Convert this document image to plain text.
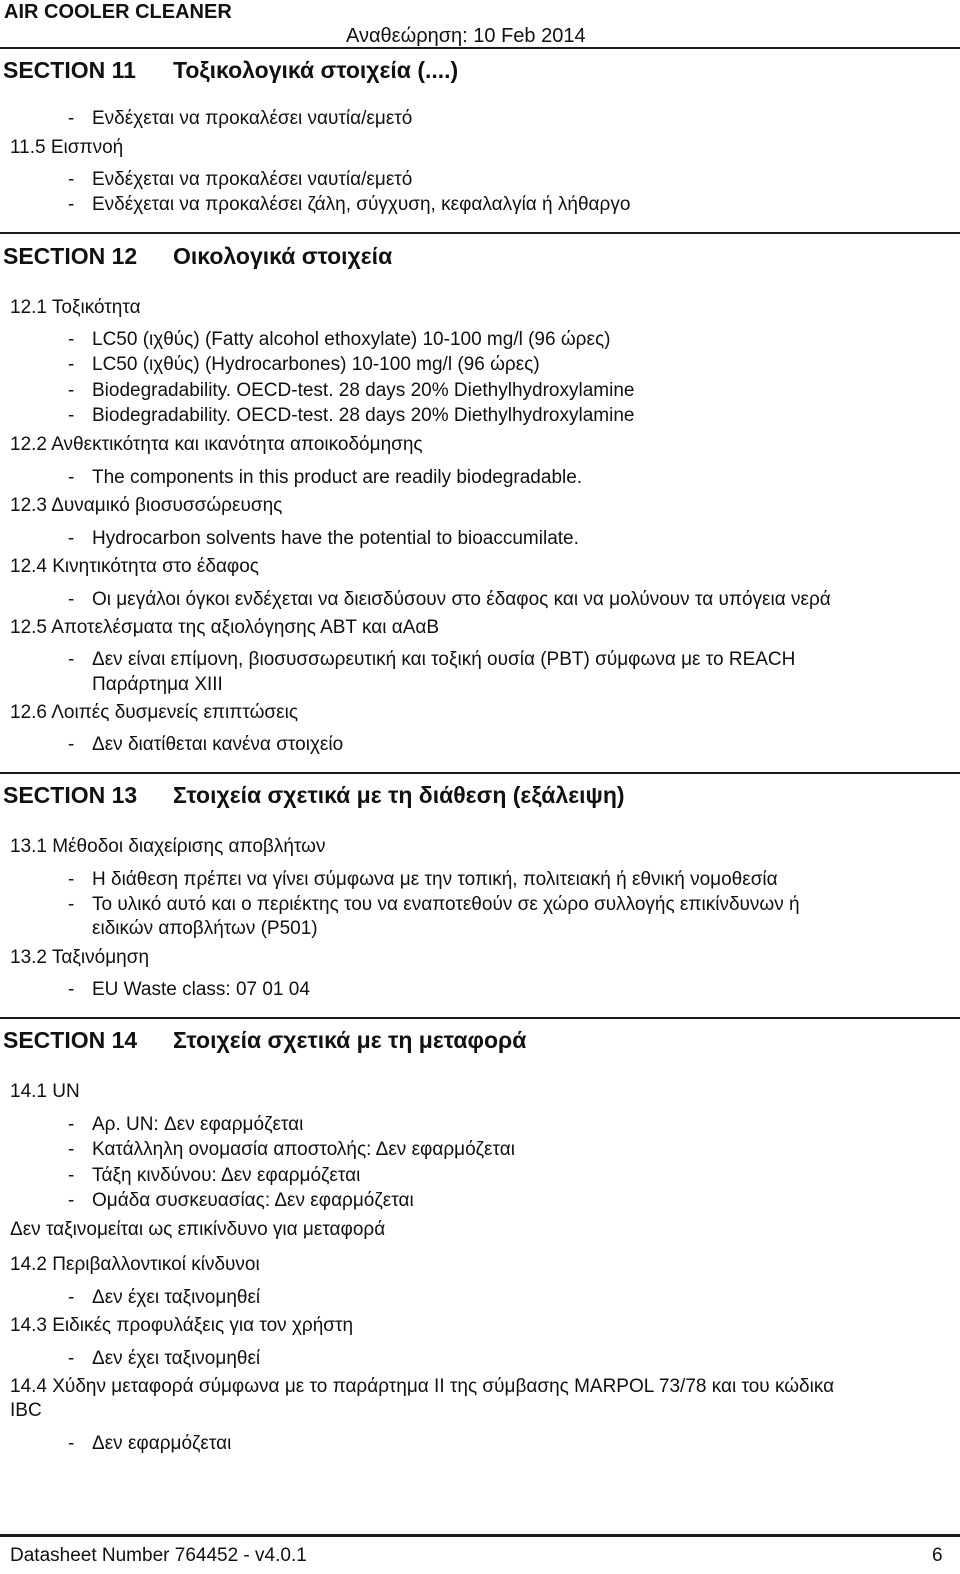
AIR COOLER CLEANER
Αναθεώρηση: 10 Feb 2014
SECTION 11 Τοξικολογικά στοιχεία (....)
- Ενδέχεται να προκαλέσει ναυτία/εμετό
11.5 Εισπνοή
- Ενδέχεται να προκαλέσει ναυτία/εμετό
- Ενδέχεται να προκαλέσει ζάλη, σύγχυση, κεφαλαλγία ή λήθαργο
SECTION 12 Οικολογικά στοιχεία
12.1 Τοξικότητα
- LC50 (ιχθύς) (Fatty alcohol ethoxylate) 10-100 mg/l (96 ώρες)
- LC50 (ιχθύς) (Hydrocarbones) 10-100 mg/l (96 ώρες)
- Biodegradability. OECD-test. 28 days 20% Diethylhydroxylamine
- Biodegradability. OECD-test. 28 days 20% Diethylhydroxylamine
12.2 Ανθεκτικότητα και ικανότητα αποικοδόμησης
- The components in this product are readily biodegradable.
12.3 Δυναμικό βιοσυσσώρευσης
- Hydrocarbon solvents have the potential to bioaccumilate.
12.4 Κινητικότητα στο έδαφος
- Οι μεγάλοι όγκοι ενδέχεται να διεισδύσουν στο έδαφος και να μολύνουν τα υπόγεια νερά
12.5 Αποτελέσματα της αξιολόγησης ΑΒΤ και αΑαΒ
- Δεν είναι επίμονη, βιοσυσσωρευτική και τοξική ουσία (PBT) σύμφωνα με το REACH
Παράρτημα XIII
12.6 Λοιπές δυσμενείς επιπτώσεις
- Δεν διατίθεται κανένα στοιχείο
SECTION 13 Στοιχεία σχετικά με τη διάθεση (εξάλειψη)
13.1 Μέθοδοι διαχείρισης αποβλήτων
- Η διάθεση πρέπει να γίνει σύμφωνα με την τοπική, πολιτειακή ή εθνική νομοθεσία
- Το υλικό αυτό και ο περιέκτης του να εναποτεθούν σε χώρο συλλογής επικίνδυνων ή
ειδικών αποβλήτων (P501)
13.2 Ταξινόμηση
- EU Waste class: 07 01 04
SECTION 14 Στοιχεία σχετικά με τη μεταφορά
14.1 UN
- Αρ. UN: Δεν εφαρμόζεται
- Κατάλληλη ονομασία αποστολής: Δεν εφαρμόζεται
- Τάξη κινδύνου: Δεν εφαρμόζεται
- Ομάδα συσκευασίας: Δεν εφαρμόζεται
Δεν ταξινομείται ως επικίνδυνο για μεταφορά
14.2 Περιβαλλοντικοί κίνδυνοι
- Δεν έχει ταξινομηθεί
14.3 Ειδικές προφυλάξεις για τον χρήστη
- Δεν έχει ταξινομηθεί
14.4 Χύδην μεταφορά σύμφωνα με το παράρτημα II της σύμβασης MARPOL 73/78 και του κώδικα
IBC
- Δεν εφαρμόζεται
Datasheet Number 764452 - v4.0.1	6
